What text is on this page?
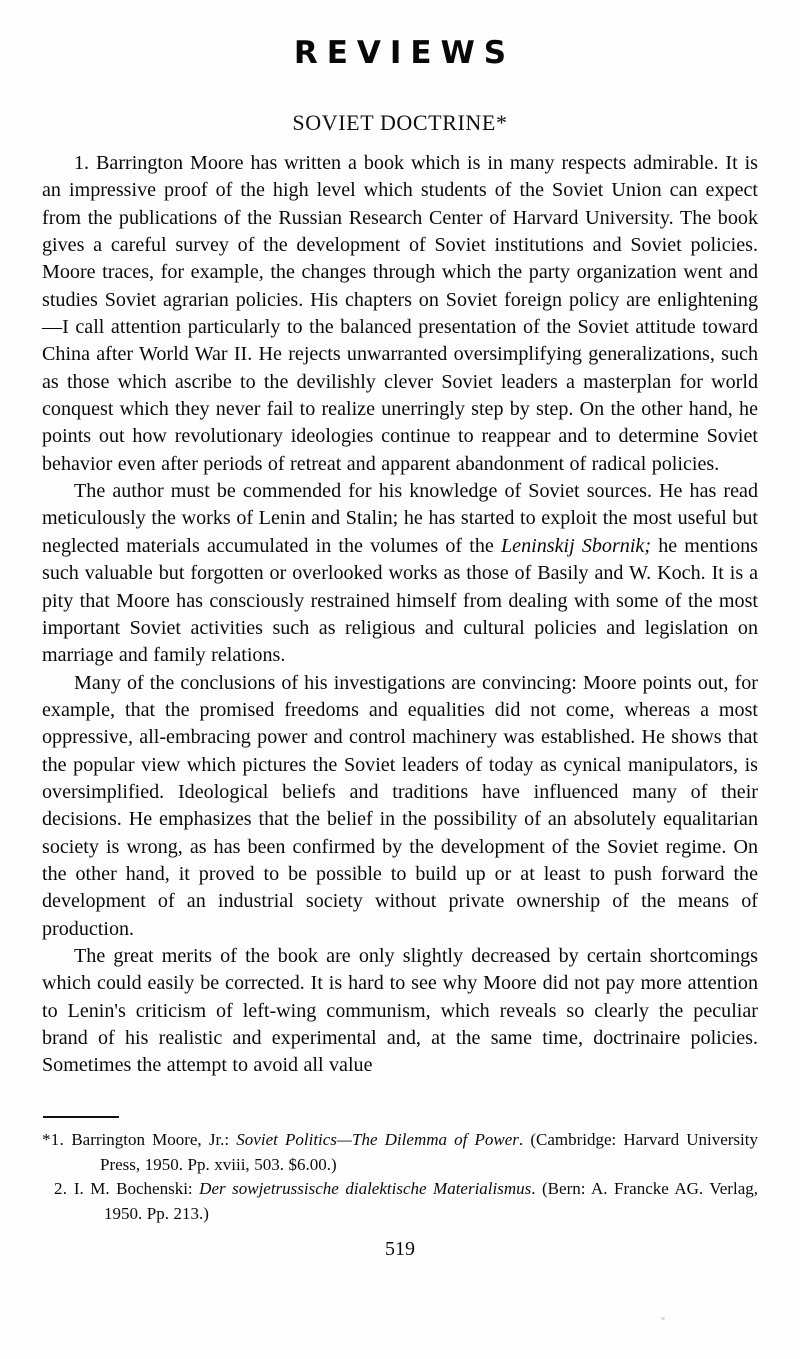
REVIEWS
SOVIET DOCTRINE*

1. Barrington Moore has written a book which is in many respects admirable. It is an impressive proof of the high level which students of the Soviet Union can expect from the publications of the Russian Research Center of Harvard University. The book gives a careful survey of the development of Soviet institutions and Soviet policies. Moore traces, for example, the changes through which the party organization went and studies Soviet agrarian policies. His chapters on Soviet foreign policy are enlightening—I call attention particularly to the balanced presentation of the Soviet attitude toward China after World War II. He rejects unwarranted oversimplifying generalizations, such as those which ascribe to the devilishly clever Soviet leaders a masterplan for world conquest which they never fail to realize unerringly step by step. On the other hand, he points out how revolutionary ideologies continue to reappear and to determine Soviet behavior even after periods of retreat and apparent abandonment of radical policies.

The author must be commended for his knowledge of Soviet sources. He has read meticulously the works of Lenin and Stalin; he has started to exploit the most useful but neglected materials accumulated in the volumes of the Leninskij Sbornik; he mentions such valuable but forgotten or overlooked works as those of Basily and W. Koch. It is a pity that Moore has consciously restrained himself from dealing with some of the most important Soviet activities such as religious and cultural policies and legislation on marriage and family relations.

Many of the conclusions of his investigations are convincing: Moore points out, for example, that the promised freedoms and equalities did not come, whereas a most oppressive, all-embracing power and control machinery was established. He shows that the popular view which pictures the Soviet leaders of today as cynical manipulators, is oversimplified. Ideological beliefs and traditions have influenced many of their decisions. He emphasizes that the belief in the possibility of an absolutely equalitarian society is wrong, as has been confirmed by the development of the Soviet regime. On the other hand, it proved to be possible to build up or at least to push forward the development of an industrial society without private ownership of the means of production.

The great merits of the book are only slightly decreased by certain shortcomings which could easily be corrected. It is hard to see why Moore did not pay more attention to Lenin's criticism of left-wing communism, which reveals so clearly the peculiar brand of his realistic and experimental and, at the same time, doctrinaire policies. Sometimes the attempt to avoid all value

*1. Barrington Moore, Jr.: Soviet Politics—The Dilemma of Power. (Cambridge: Harvard University Press, 1950. Pp. xviii, 503. $6.00.)

2. I. M. Bochenski: Der sowjetrussische dialektische Materialismus. (Bern: A. Francke AG. Verlag, 1950. Pp. 213.)

519
